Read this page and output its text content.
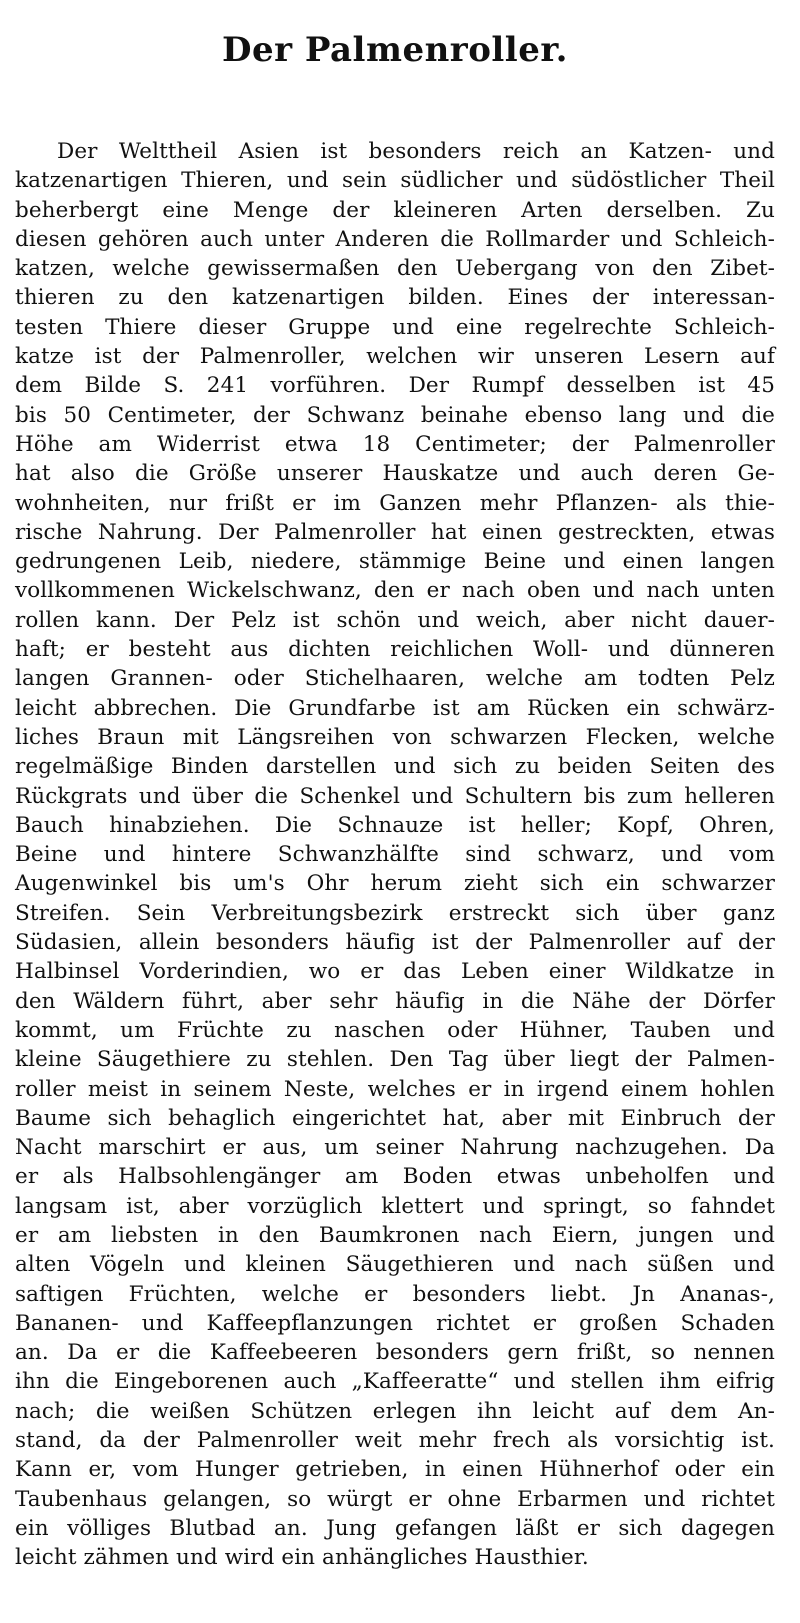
Der Palmenroller.
Der Welttheil Asien ist besonders reich an Katzen- und
katzenartigen Thieren, und sein südlicher und südöstlicher Theil
beherbergt eine Menge der kleineren Arten derselben. Zu
diesen gehören auch unter Anderen die Rollmarder und Schleich-
katzen, welche gewissermaßen den Uebergang von den Zibet-
thieren zu den katzenartigen bilden. Eines der interessan-
testen Thiere dieser Gruppe und eine regelrechte Schleich-
katze ist der Palmenroller, welchen wir unseren Lesern auf
dem Bilde S. 241 vorführen. Der Rumpf desselben ist 45
bis 50 Centimeter, der Schwanz beinahe ebenso lang und die
Höhe am Widerrist etwa 18 Centimeter; der Palmenroller
hat also die Größe unserer Hauskatze und auch deren Ge-
wohnheiten, nur frißt er im Ganzen mehr Pflanzen- als thie-
rische Nahrung. Der Palmenroller hat einen gestreckten, etwas
gedrungenen Leib, niedere, stämmige Beine und einen langen
vollkommenen Wickelschwanz, den er nach oben und nach unten
rollen kann. Der Pelz ist schön und weich, aber nicht dauer-
haft; er besteht aus dichten reichlichen Woll- und dünneren
langen Grannen- oder Stichelhaaren, welche am todten Pelz
leicht abbrechen. Die Grundfarbe ist am Rücken ein schwärz-
liches Braun mit Längsreihen von schwarzen Flecken, welche
regelmäßige Binden darstellen und sich zu beiden Seiten des
Rückgrats und über die Schenkel und Schultern bis zum helleren
Bauch hinabziehen. Die Schnauze ist heller; Kopf, Ohren,
Beine und hintere Schwanzhälfte sind schwarz, und vom
Augenwinkel bis um's Ohr herum zieht sich ein schwarzer
Streifen. Sein Verbreitungsbezirk erstreckt sich über ganz
Südasien, allein besonders häufig ist der Palmenroller auf der
Halbinsel Vorderindien, wo er das Leben einer Wildkatze in
den Wäldern führt, aber sehr häufig in die Nähe der Dörfer
kommt, um Früchte zu naschen oder Hühner, Tauben und
kleine Säugethiere zu stehlen. Den Tag über liegt der Palmen-
roller meist in seinem Neste, welches er in irgend einem hohlen
Baume sich behaglich eingerichtet hat, aber mit Einbruch der
Nacht marschirt er aus, um seiner Nahrung nachzugehen. Da
er als Halbsohlengänger am Boden etwas unbeholfen und
langsam ist, aber vorzüglich klettert und springt, so fahndet
er am liebsten in den Baumkronen nach Eiern, jungen und
alten Vögeln und kleinen Säugethieren und nach süßen und
saftigen Früchten, welche er besonders liebt. Jn Ananas-,
Bananen- und Kaffeepflanzungen richtet er großen Schaden
an. Da er die Kaffeebeeren besonders gern frißt, so nennen
ihn die Eingeborenen auch „Kaffeeratte“ und stellen ihm eifrig
nach; die weißen Schützen erlegen ihn leicht auf dem An-
stand, da der Palmenroller weit mehr frech als vorsichtig ist.
Kann er, vom Hunger getrieben, in einen Hühnerhof oder ein
Taubenhaus gelangen, so würgt er ohne Erbarmen und richtet
ein völliges Blutbad an. Jung gefangen läßt er sich dagegen
leicht zähmen und wird ein anhängliches Hausthier.
